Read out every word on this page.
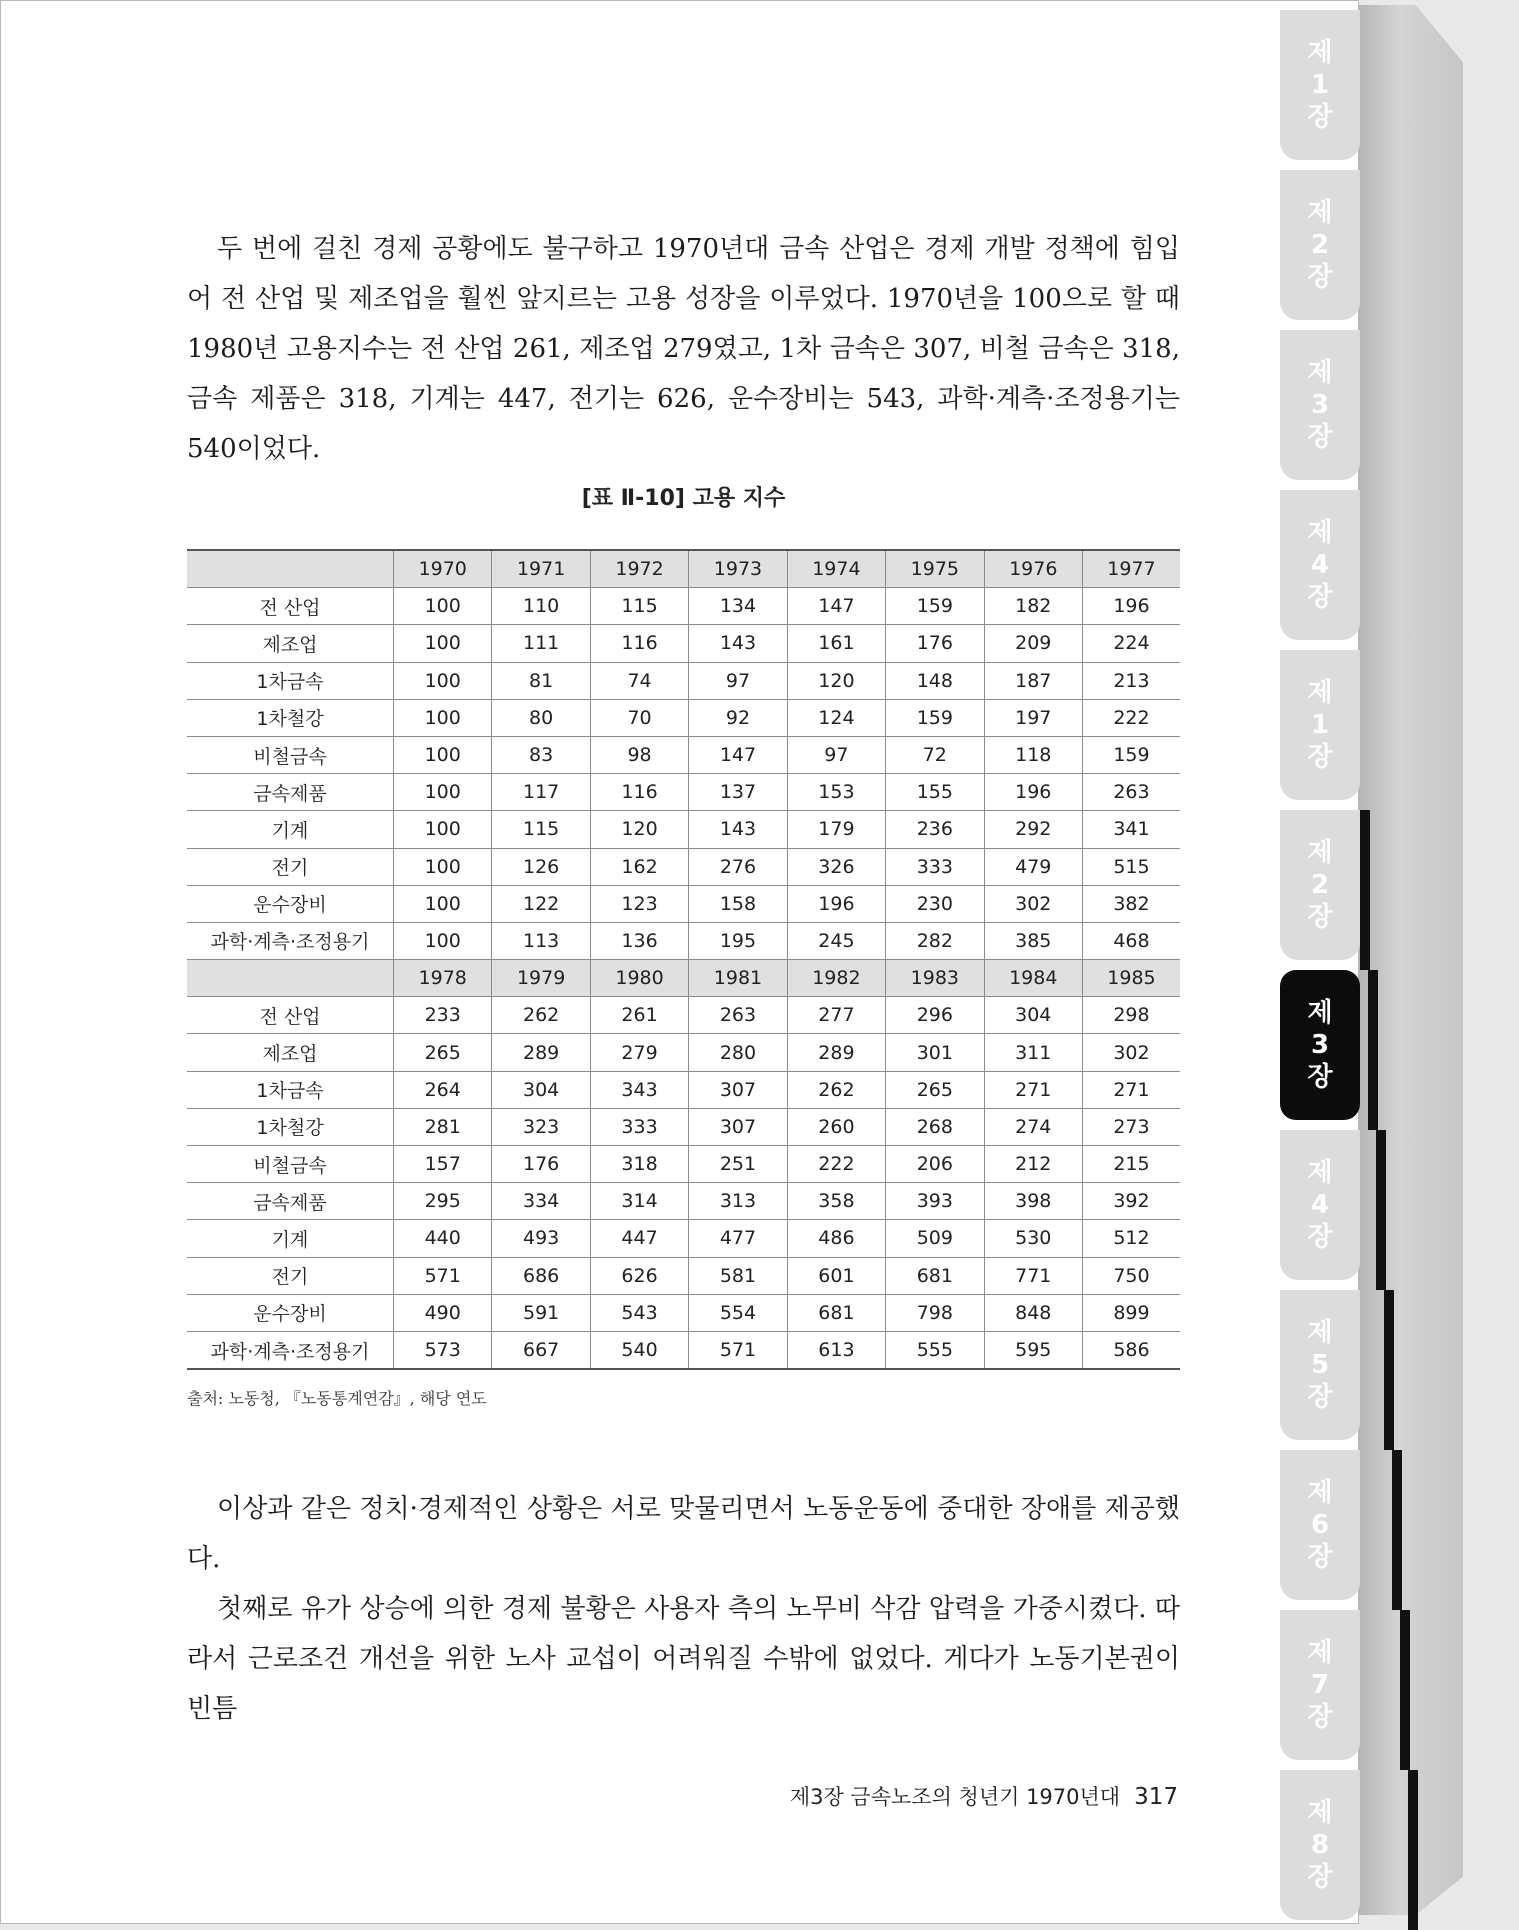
두 번에 걸친 경제 공황에도 불구하고 1970년대 금속 산업은 경제 개발 정책에 힘입어 전 산업 및 제조업을 훨씬 앞지르는 고용 성장을 이루었다. 1970년을 100으로 할 때 1980년 고용지수는 전 산업 261, 제조업 279였고, 1차 금속은 307, 비철 금속은 318, 금속 제품은 318, 기계는 447, 전기는 626, 운수장비는 543, 과학·계측·조정용기는 540이었다.

[표 Ⅱ-10] 고용 지수
	1970	1971	1972	1973	1974	1975	1976	1977
전 산업	100	110	115	134	147	159	182	196
제조업	100	111	116	143	161	176	209	224
1차금속	100	81	74	97	120	148	187	213
1차철강	100	80	70	92	124	159	197	222
비철금속	100	83	98	147	97	72	118	159
금속제품	100	117	116	137	153	155	196	263
기계	100	115	120	143	179	236	292	341
전기	100	126	162	276	326	333	479	515
운수장비	100	122	123	158	196	230	302	382
과학·계측·조정용기	100	113	136	195	245	282	385	468
	1978	1979	1980	1981	1982	1983	1984	1985
전 산업	233	262	261	263	277	296	304	298
제조업	265	289	279	280	289	301	311	302
1차금속	264	304	343	307	262	265	271	271
1차철강	281	323	333	307	260	268	274	273
비철금속	157	176	318	251	222	206	212	215
금속제품	295	334	314	313	358	393	398	392
기계	440	493	447	477	486	509	530	512
전기	571	686	626	581	601	681	771	750
운수장비	490	591	543	554	681	798	848	899
과학·계측·조정용기	573	667	540	571	613	555	595	586
출처: 노동청, 『노동통계연감』, 해당 연도

이상과 같은 정치·경제적인 상황은 서로 맞물리면서 노동운동에 중대한 장애를 제공했다.

첫째로 유가 상승에 의한 경제 불황은 사용자 측의 노무비 삭감 압력을 가중시켰다. 따라서 근로조건 개선을 위한 노사 교섭이 어려워질 수밖에 없었다. 게다가 노동기본권이 빈틈

제3장 금속노조의 청년기 1970년대 317
제
1
장
제
2
장
제
3
장
제
4
장
제
1
장
제
2
장
제
3
장
제
4
장
제
5
장
제
6
장
제
7
장
제
8
장
